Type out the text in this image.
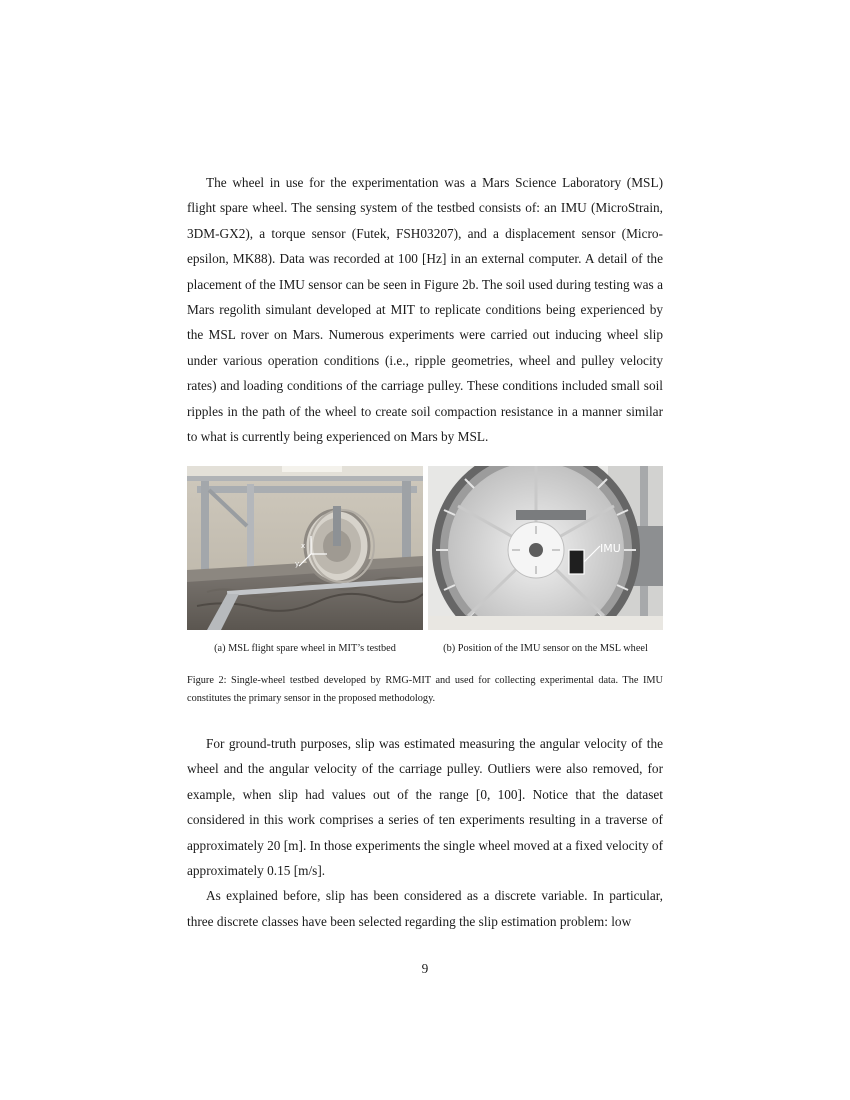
The wheel in use for the experimentation was a Mars Science Laboratory (MSL) flight spare wheel. The sensing system of the testbed consists of: an IMU (MicroStrain, 3DM-GX2), a torque sensor (Futek, FSH03207), and a displacement sensor (Micro-epsilon, MK88). Data was recorded at 100 [Hz] in an external computer. A detail of the placement of the IMU sensor can be seen in Figure 2b. The soil used during testing was a Mars regolith simulant developed at MIT to replicate conditions being experienced by the MSL rover on Mars. Numerous experiments were carried out inducing wheel slip under various operation conditions (i.e., ripple geometries, wheel and pulley velocity rates) and loading conditions of the carriage pulley. These conditions included small soil ripples in the path of the wheel to create soil compaction resistance in a manner similar to what is currently being experienced on Mars by MSL.

x
y
IMU
(a) MSL flight spare wheel in MIT’s testbed	(b) Position of the IMU sensor on the MSL wheel
Figure 2: Single-wheel testbed developed by RMG-MIT and used for collecting experimental data. The IMU constitutes the primary sensor in the proposed methodology.

For ground-truth purposes, slip was estimated measuring the angular velocity of the wheel and the angular velocity of the carriage pulley. Outliers were also removed, for example, when slip had values out of the range [0, 100]. Notice that the dataset considered in this work comprises a series of ten experiments resulting in a traverse of approximately 20 [m]. In those experiments the single wheel moved at a fixed velocity of approximately 0.15 [m/s].

As explained before, slip has been considered as a discrete variable. In particular, three discrete classes have been selected regarding the slip estimation problem: low

9
